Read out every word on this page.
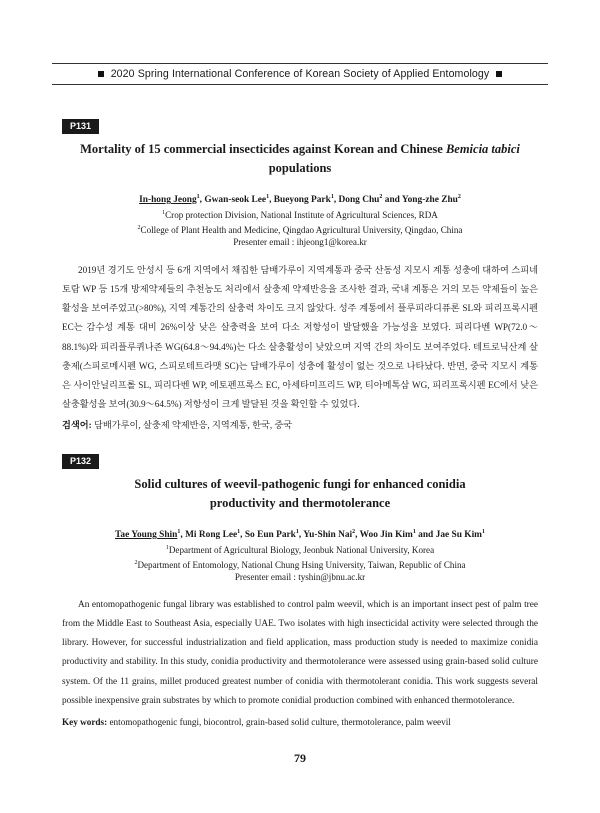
2020 Spring International Conference of Korean Society of Applied Entomology
P131
Mortality of 15 commercial insecticides against Korean and Chinese Bemicia tabici populations
In-hong Jeong$^1$, Gwan-seok Lee$^1$, Bueyong Park$^1$, Dong Chu$^2$ and Yong-zhe Zhu$^2$
$^1$Crop protection Division, National Institute of Agricultural Sciences, RDA
$^2$College of Plant Health and Medicine, Qingdao Agricultural University, Qingdao, China
Presenter email : ihjeong1@korea.kr
2019년 경기도 안성시 등 6개 지역에서 채집한 담배가루이 지역계통과 중국 산동성 지모시 계통 성충에 대하여 스피네토람 WP 등 15개 방제약제들의 추천농도 처리에서 살충제 약제반응을 조사한 결과, 국내 계통은 거의 모든 약제들이 높은 활성을 보여주었고(>80%), 지역 계통간의 살충력 차이도 크지 않았다. 성주 계통에서 플루피라디퓨론 SL와 피리프록시펜 EC는 감수성 계통 대비 26%이상 낮은 살충력을 보여 다소 저항성이 발달했을 가능성을 보였다. 피리다벤 WP(72.0～88.1%)와 피리플루퀴나존 WG(64.8～94.4%)는 다소 살충활성이 낮았으며 지역 간의 차이도 보여주었다. 테트로닉산계 살충제(스피로메시펜 WG, 스피로테트라맷 SC)는 담배가루이 성충에 활성이 없는 것으로 나타났다. 반면, 중국 지모시 계통은 사이안닐리프롤 SL, 피리다벤 WP, 에토펜프록스 EC, 아세타미프리드 WP, 티아메톡삼 WG, 피리프록시펜 EC에서 낮은 살충활성을 보여(30.9～64.5%) 저항성이 크게 발달된 것을 확인할 수 있었다.
검색어: 담배가루이, 살충제 약제반응, 지역계통, 한국, 중국
P132
Solid cultures of weevil-pathogenic fungi for enhanced conidia productivity and thermotolerance
Tae Young Shin$^1$, Mi Rong Lee$^1$, So Eun Park$^1$, Yu-Shin Nai$^2$, Woo Jin Kim$^1$ and Jae Su Kim$^1$
$^1$Department of Agricultural Biology, Jeonbuk National University, Korea
$^2$Department of Entomology, National Chung Hsing University, Taiwan, Republic of China
Presenter email : tyshin@jbnu.ac.kr
An entomopathogenic fungal library was established to control palm weevil, which is an important insect pest of palm tree from the Middle East to Southeast Asia, especially UAE. Two isolates with high insecticidal activity were selected through the library. However, for successful industrialization and field application, mass production study is needed to maximize conidia productivity and stability. In this study, conidia productivity and thermotolerance were assessed using grain-based solid culture system. Of the 11 grains, millet produced greatest number of conidia with thermotolerant conidia. This work suggests several possible inexpensive grain substrates by which to promote conidial production combined with enhanced thermotolerance.
Key words: entomopathogenic fungi, biocontrol, grain-based solid culture, thermotolerance, palm weevil
79
